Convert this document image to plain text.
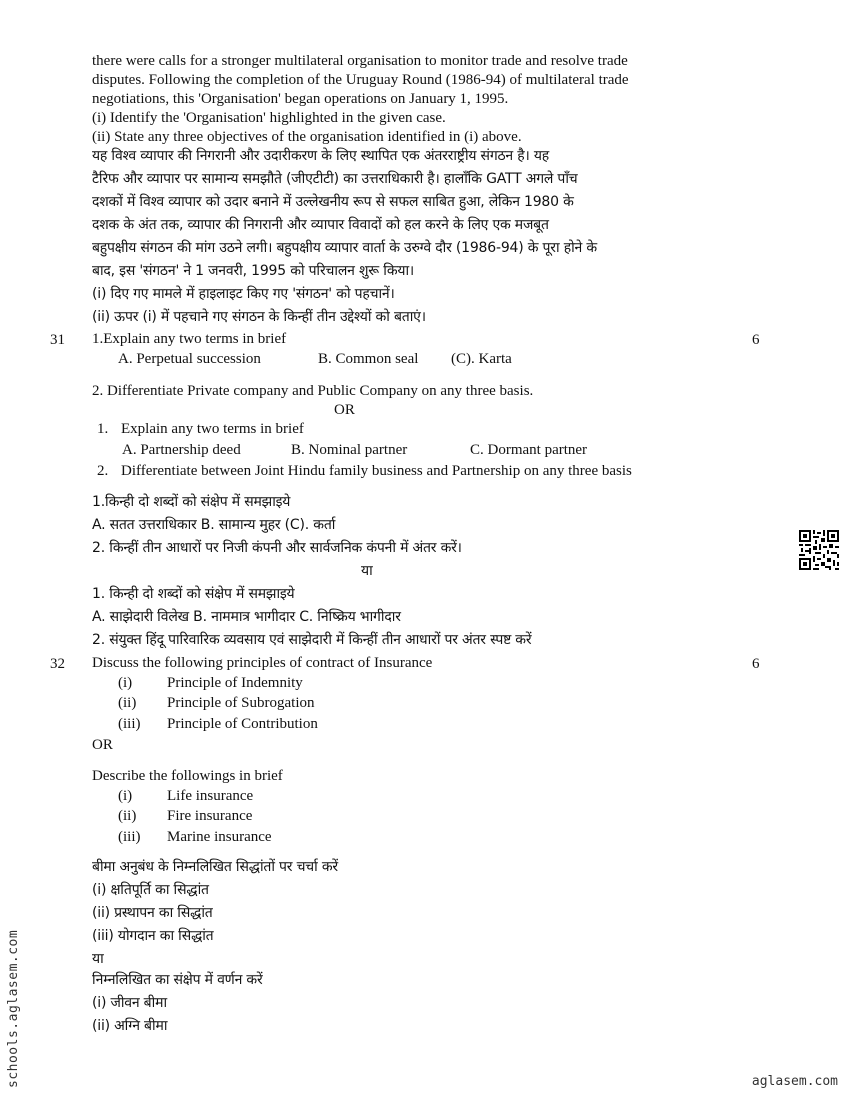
there were calls for a stronger multilateral organisation to monitor trade and resolve trade
disputes. Following the completion of the Uruguay Round (1986-94) of multilateral trade
negotiations, this 'Organisation' began operations on January 1, 1995.
(i) Identify the 'Organisation' highlighted in the given case.
(ii) State any three objectives of the organisation identified in (i) above.
यह विश्व व्यापार की निगरानी और उदारीकरण के लिए स्थापित एक अंतरराष्ट्रीय संगठन है। यह
टैरिफ और व्यापार पर सामान्य समझौते (जीएटीटी) का उत्तराधिकारी है। हालाँकि GATT अगले पाँच
दशकों में विश्व व्यापार को उदार बनाने में उल्लेखनीय रूप से सफल साबित हुआ, लेकिन 1980 के
दशक के अंत तक, व्यापार की निगरानी और व्यापार विवादों को हल करने के लिए एक मजबूत
बहुपक्षीय संगठन की मांग उठने लगी। बहुपक्षीय व्यापार वार्ता के उरुग्वे दौर (1986-94) के पूरा होने के
बाद, इस 'संगठन' ने 1 जनवरी, 1995 को परिचालन शुरू किया।
(i) दिए गए मामले में हाइलाइट किए गए 'संगठन' को पहचानें।
(ii) ऊपर (i) में पहचाने गए संगठन के किन्हीं तीन उद्देश्यों को बताएं।
31	6
1.Explain any two terms in brief
A. Perpetual succession	B. Common seal (C). Karta
2. Differentiate Private company and Public Company on any three basis.
OR
1. Explain any two terms in brief
A. Partnership deed	B. Nominal partner	C. Dormant partner
2. Differentiate between Joint Hindu family business and Partnership on any three basis
1.किन्ही दो शब्दों को संक्षेप में समझाइये
A. सतत उत्तराधिकार B. सामान्य मुहर (C). कर्ता
2. किन्हीं तीन आधारों पर निजी कंपनी और सार्वजनिक कंपनी में अंतर करें।
या
1. किन्ही दो शब्दों को संक्षेप में समझाइये
A. साझेदारी विलेख B. नाममात्र भागीदार C. निष्क्रिय भागीदार
2. संयुक्त हिंदू पारिवारिक व्यवसाय एवं साझेदारी में किन्हीं तीन आधारों पर अंतर स्पष्ट करें
32	6
Discuss the following principles of contract of Insurance
(i) Principle of Indemnity
(ii) Principle of Subrogation
(iii) Principle of Contribution
OR
Describe the followings in brief
(i) Life insurance
(ii) Fire insurance
(iii) Marine insurance
बीमा अनुबंध के निम्नलिखित सिद्धांतों पर चर्चा करें
(i) क्षतिपूर्ति का सिद्धांत
(ii) प्रस्थापन का सिद्धांत
(iii) योगदान का सिद्धांत
या
निम्नलिखित का संक्षेप में वर्णन करें
(i) जीवन बीमा
(ii) अग्नि बीमा
schools.aglasem.com	aglasem.com
